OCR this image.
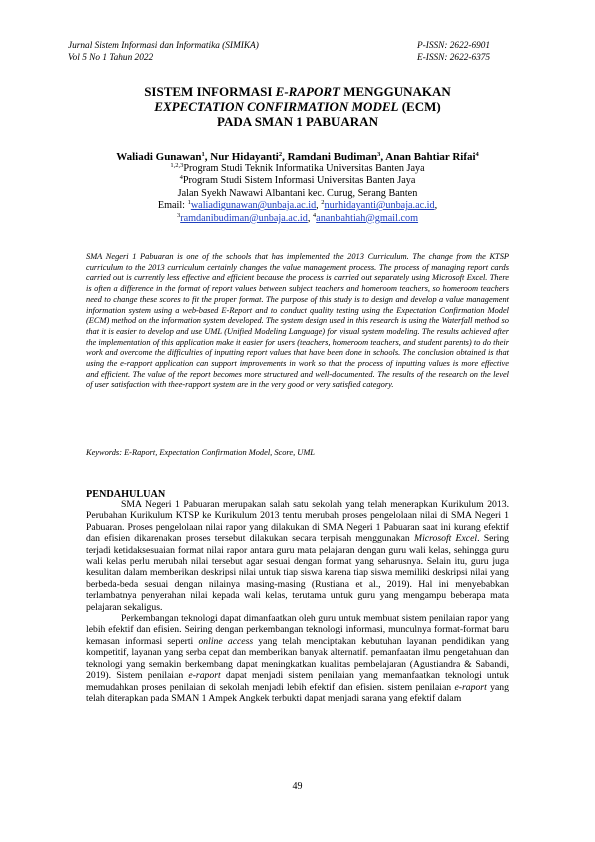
Jurnal Sistem Informasi dan Informatika (SIMIKA)
Vol 5 No 1 Tahun 2022
P-ISSN: 2622-6901
E-ISSN: 2622-6375
SISTEM INFORMASI E-RAPORT MENGGUNAKAN
EXPECTATION CONFIRMATION MODEL (ECM)
PADA SMAN 1 PABUARAN
Waliadi Gunawan$^1$, Nur Hidayanti$^2$, Ramdani Budiman$^3$, Anan Bahtiar Rifai$^4$
$^{1,2,3}$Program Studi Teknik Informatika Universitas Banten Jaya
$^4$Program Studi Sistem Informasi Universitas Banten Jaya
Jalan Syekh Nawawi Albantani kec. Curug, Serang Banten
Email: $^1$waliadigunawan@unbaja.ac.id, $^2$nurhidayanti@unbaja.ac.id,
$^3$ramdanibudiman@unbaja.ac.id, $^4$ananbahtiah@gmail.com
SMA Negeri 1 Pabuaran is one of the schools that has implemented the 2013 Curriculum. The change from the KTSP curriculum to the 2013 curriculum certainly changes the value management process. The process of managing report cards carried out is currently less effective and efficient because the process is carried out separately using Microsoft Excel. There is often a difference in the format of report values between subject teachers and homeroom teachers, so homeroom teachers need to change these scores to fit the proper format. The purpose of this study is to design and develop a value management information system using a web-based E-Report and to conduct quality testing using the Expectation Confirmation Model (ECM) method on the information system developed. The system design used in this research is using the Waterfall method so that it is easier to develop and use UML (Unified Modeling Language) for visual system modeling. The results achieved after the implementation of this application make it easier for users (teachers, homeroom teachers, and student parents) to do their work and overcome the difficulties of inputting report values that have been done in schools. The conclusion obtained is that using the e-rapport application can support improvements in work so that the process of inputting values is more effective and efficient. The value of the report becomes more structured and well-documented. The results of the research on the level of user satisfaction with thee-rapport system are in the very good or very satisfied category.
Keywords: E-Raport, Expectation Confirmation Model, Score, UML
PENDAHULUAN

SMA Negeri 1 Pabuaran merupakan salah satu sekolah yang telah menerapkan Kurikulum 2013. Perubahan Kurikulum KTSP ke Kurikulum 2013 tentu merubah proses pengelolaan nilai di SMA Negeri 1 Pabuaran. Proses pengelolaan nilai rapor yang dilakukan di SMA Negeri 1 Pabuaran saat ini kurang efektif dan efisien dikarenakan proses tersebut dilakukan secara terpisah menggunakan Microsoft Excel. Sering terjadi ketidaksesuaian format nilai rapor antara guru mata pelajaran dengan guru wali kelas, sehingga guru wali kelas perlu merubah nilai tersebut agar sesuai dengan format yang seharusnya. Selain itu, guru juga kesulitan dalam memberikan deskripsi nilai untuk tiap siswa karena tiap siswa memiliki deskripsi nilai yang berbeda-beda sesuai dengan nilainya masing-masing (Rustiana et al., 2019). Hal ini menyebabkan terlambatnya penyerahan nilai kepada wali kelas, terutama untuk guru yang mengampu beberapa mata pelajaran sekaligus.

Perkembangan teknologi dapat dimanfaatkan oleh guru untuk membuat sistem penilaian rapor yang lebih efektif dan efisien. Seiring dengan perkembangan teknologi informasi, munculnya format-format baru kemasan informasi seperti online access yang telah menciptakan kebutuhan layanan pendidikan yang kompetitif, layanan yang serba cepat dan memberikan banyak alternatif. pemanfaatan ilmu pengetahuan dan teknologi yang semakin berkembang dapat meningkatkan kualitas pembelajaran (Agustiandra & Sabandi, 2019). Sistem penilaian e-raport dapat menjadi sistem penilaian yang memanfaatkan teknologi untuk memudahkan proses penilaian di sekolah menjadi lebih efektif dan efisien. sistem penilaian e-raport yang telah diterapkan pada SMAN 1 Ampek Angkek terbukti dapat menjadi sarana yang efektif dalam

49
